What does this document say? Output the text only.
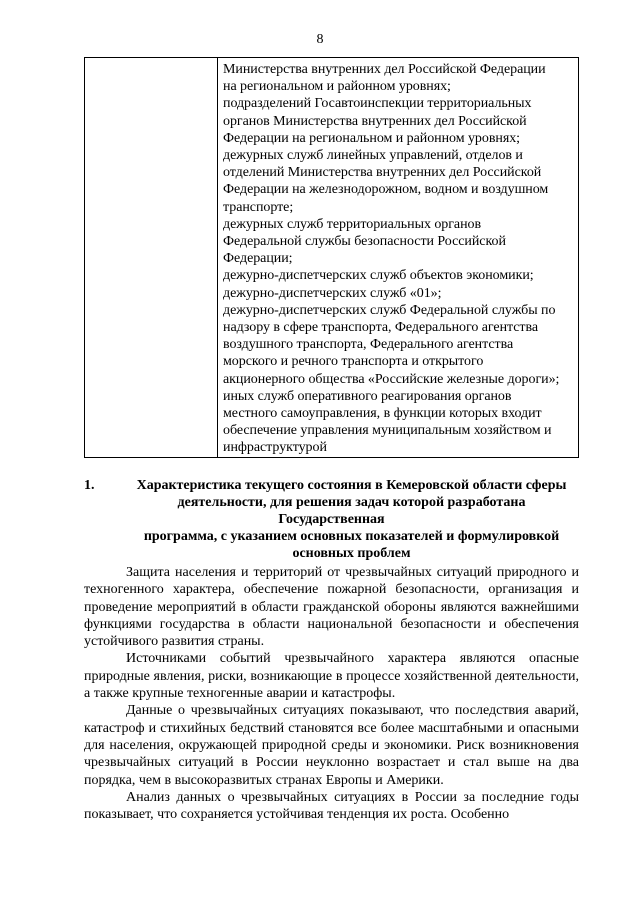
8

Министерства внутренних дел Российской Федерации
на региональном и районном уровнях;
подразделений Госавтоинспекции территориальных
органов Министерства внутренних дел Российской
Федерации на региональном и районном уровнях;
дежурных служб линейных управлений, отделов и
отделений Министерства внутренних дел Российской
Федерации на железнодорожном, водном и воздушном
транспорте;
дежурных служб территориальных органов
Федеральной службы безопасности Российской
Федерации;
дежурно-диспетчерских служб объектов экономики;
дежурно-диспетчерских служб «01»;
дежурно-диспетчерских служб Федеральной службы по
надзору в сфере транспорта, Федерального агентства
воздушного транспорта, Федерального агентства
морского и речного транспорта и открытого
акционерного общества «Российские железные дороги»;
иных служб оперативного реагирования органов
местного самоуправления, в функции которых входит
обеспечение управления муниципальным хозяйством и
инфраструктурой
1.	Характеристика текущего состояния в Кемеровской области сферы
деятельности, для решения задач которой разработана Государственная
программа, с указанием основных показателей и формулировкой
основных проблем

Защита населения и территорий от чрезвычайных ситуаций природного и техногенного характера, обеспечение пожарной безопасности, организация и проведение мероприятий в области гражданской обороны являются важнейшими функциями государства в области национальной безопасности и обеспечения устойчивого развития страны.

Источниками событий чрезвычайного характера являются опасные природные явления, риски, возникающие в процессе хозяйственной деятельности, а также крупные техногенные аварии и катастрофы.

Данные о чрезвычайных ситуациях показывают, что последствия аварий, катастроф и стихийных бедствий становятся все более масштабными и опасными для населения, окружающей природной среды и экономики. Риск возникновения чрезвычайных ситуаций в России неуклонно возрастает и стал выше на два порядка, чем в высокоразвитых странах Европы и Америки.

Анализ данных о чрезвычайных ситуациях в России за последние годы показывает, что сохраняется устойчивая тенденция их роста. Особенно
